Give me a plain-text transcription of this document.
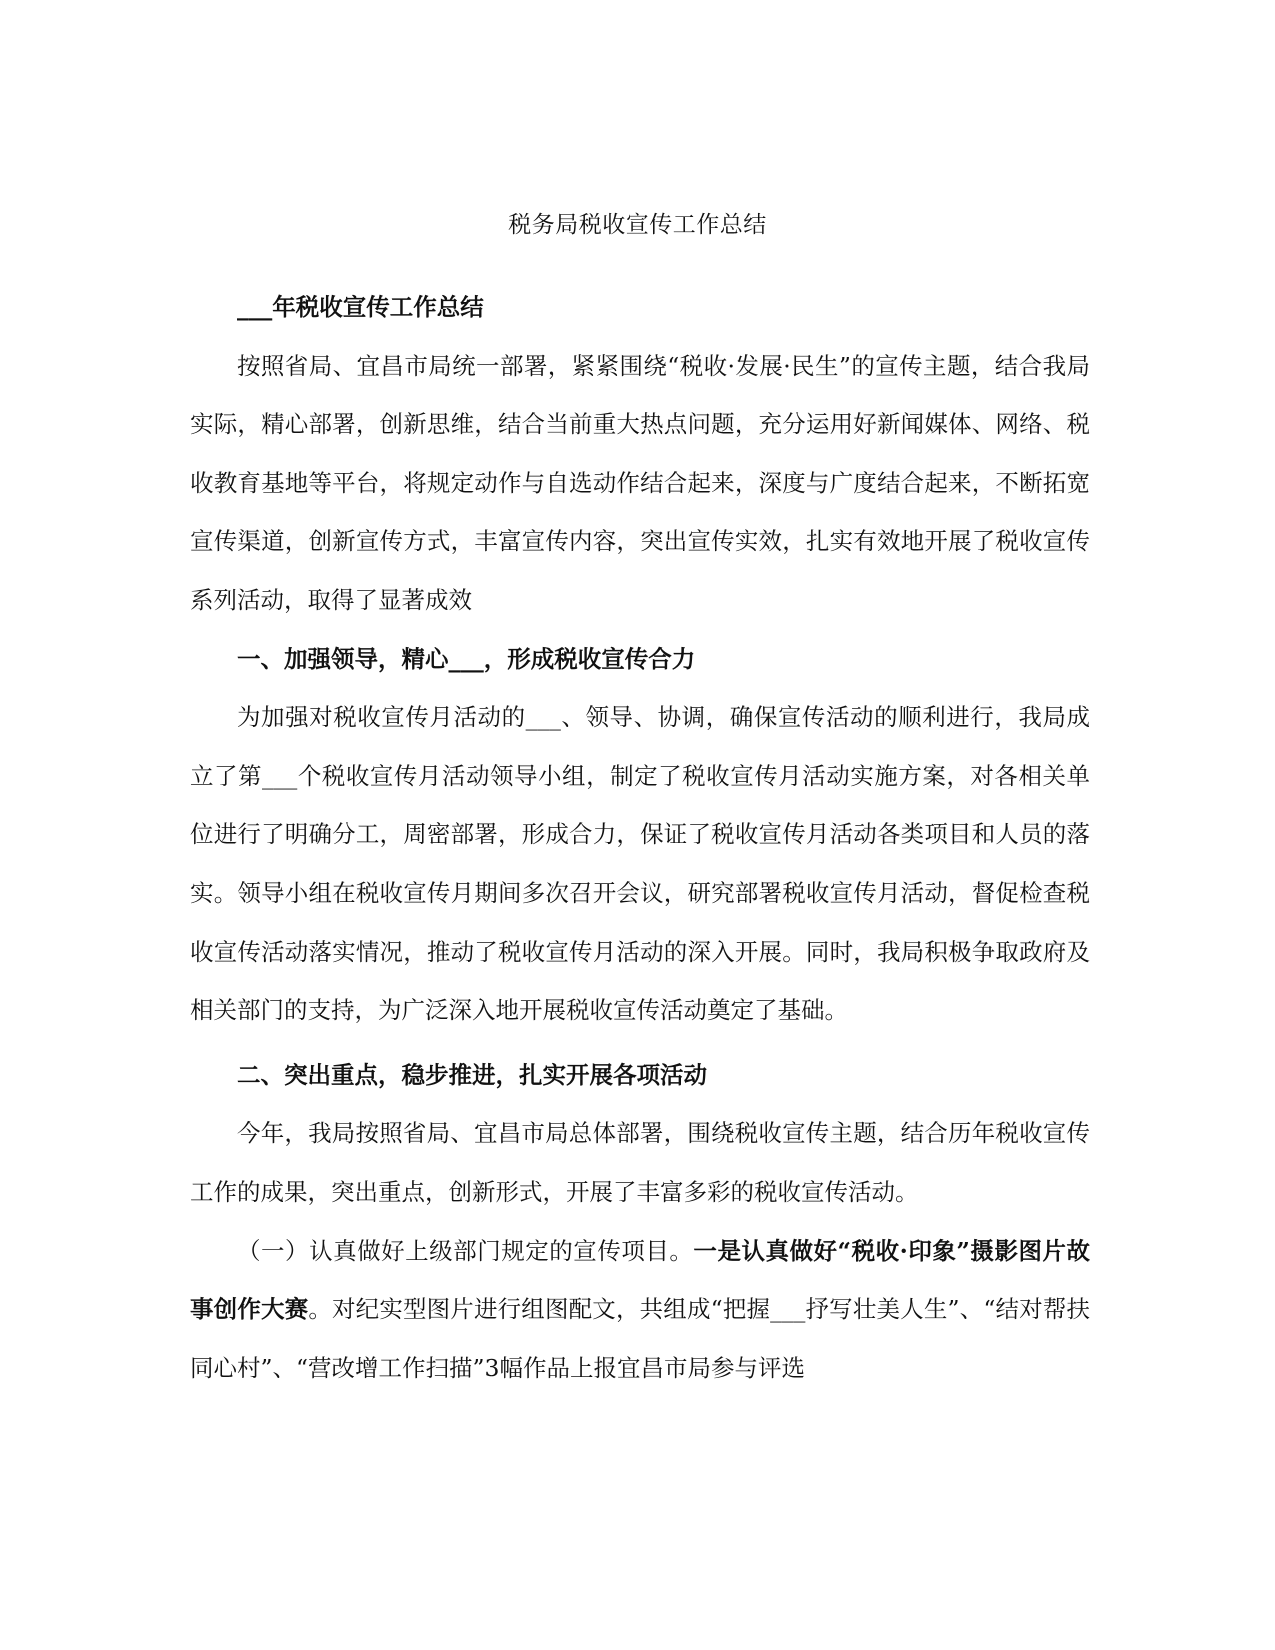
税务局税收宣传工作总结
___年税收宣传工作总结

按照省局、宜昌市局统一部署，紧紧围绕“税收·发展·民生”的宣传主题，结合我局实际，精心部署，创新思维，结合当前重大热点问题，充分运用好新闻媒体、网络、税收教育基地等平台，将规定动作与自选动作结合起来，深度与广度结合起来，不断拓宽宣传渠道，创新宣传方式，丰富宣传内容，突出宣传实效，扎实有效地开展了税收宣传系列活动，取得了显著成效

一、加强领导，精心___，形成税收宣传合力

为加强对税收宣传月活动的___、领导、协调，确保宣传活动的顺利进行，我局成立了第___个税收宣传月活动领导小组，制定了税收宣传月活动实施方案，对各相关单位进行了明确分工，周密部署，形成合力，保证了税收宣传月活动各类项目和人员的落实。领导小组在税收宣传月期间多次召开会议，研究部署税收宣传月活动，督促检查税收宣传活动落实情况，推动了税收宣传月活动的深入开展。同时，我局积极争取政府及相关部门的支持，为广泛深入地开展税收宣传活动奠定了基础。

二、突出重点，稳步推进，扎实开展各项活动

今年，我局按照省局、宜昌市局总体部署，围绕税收宣传主题，结合历年税收宣传工作的成果，突出重点，创新形式，开展了丰富多彩的税收宣传活动。

（一）认真做好上级部门规定的宣传项目。一是认真做好“税收·印象”摄影图片故事创作大赛。对纪实型图片进行组图配文，共组成“把握___抒写壮美人生”、“结对帮扶同心村”、“营改增工作扫描”3幅作品上报宜昌市局参与评选
